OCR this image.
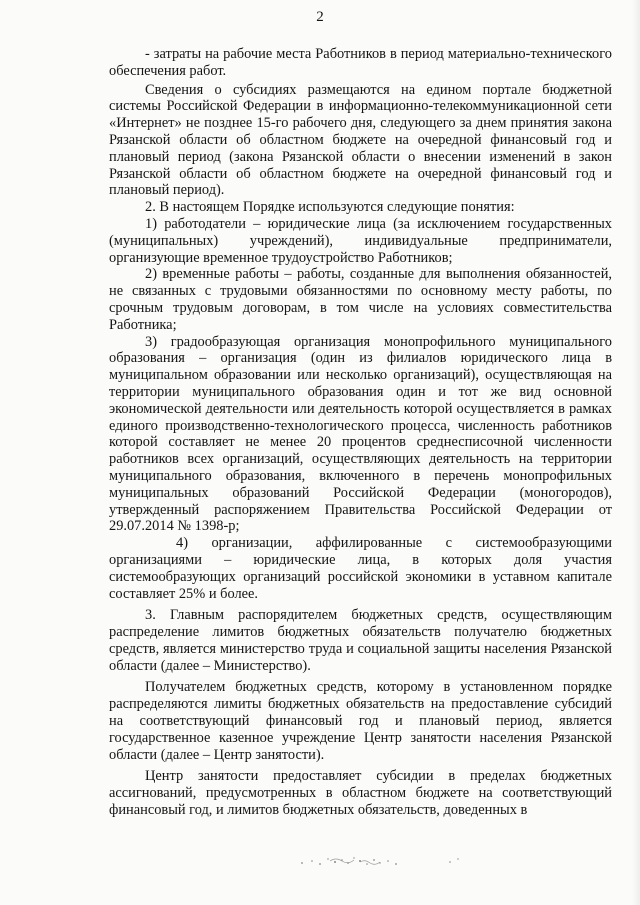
2

- затраты на рабочие места Работников в период материально-технического обеспечения работ.

Сведения о субсидиях размещаются на едином портале бюджетной системы Российской Федерации в информационно-телекоммуникационной сети «Интернет» не позднее 15-го рабочего дня, следующего за днем принятия закона Рязанской области об областном бюджете на очередной финансовый год и плановый период (закона Рязанской области о внесении изменений в закон Рязанской области об областном бюджете на очередной финансовый год и плановый период).

2. В настоящем Порядке используются следующие понятия:

1) работодатели – юридические лица (за исключением государственных (муниципальных) учреждений), индивидуальные предприниматели, организующие временное трудоустройство Работников;

2) временные работы – работы, созданные для выполнения обязанностей, не связанных с трудовыми обязанностями по основному месту работы, по срочным трудовым договорам, в том числе на условиях совместительства Работника;

3) градообразующая организация монопрофильного муниципального образования – организация (один из филиалов юридического лица в муниципальном образовании или несколько организаций), осуществляющая на территории муниципального образования один и тот же вид основной экономической деятельности или деятельность которой осуществляется в рамках единого производственно-технологического процесса, численность работников которой составляет не менее 20 процентов среднесписочной численности работников всех организаций, осуществляющих деятельность на территории муниципального образования, включенного в перечень монопрофильных муниципальных образований Российской Федерации (моногородов), утвержденный распоряжением Правительства Российской Федерации от 29.07.2014 № 1398-р;

4) организации, аффилированные с системообразующими организациями – юридические лица, в которых доля участия системообразующих организаций российской экономики в уставном капитале составляет 25% и более.

3. Главным распорядителем бюджетных средств, осуществляющим распределение лимитов бюджетных обязательств получателю бюджетных средств, является министерство труда и социальной защиты населения Рязанской области (далее – Министерство).

Получателем бюджетных средств, которому в установленном порядке распределяются лимиты бюджетных обязательств на предоставление субсидий на соответствующий финансовый год и плановый период, является государственное казенное учреждение Центр занятости населения Рязанской области (далее – Центр занятости).

Центр занятости предоставляет субсидии в пределах бюджетных ассигнований, предусмотренных в областном бюджете на соответствующий финансовый год, и лимитов бюджетных обязательств, доведенных в
